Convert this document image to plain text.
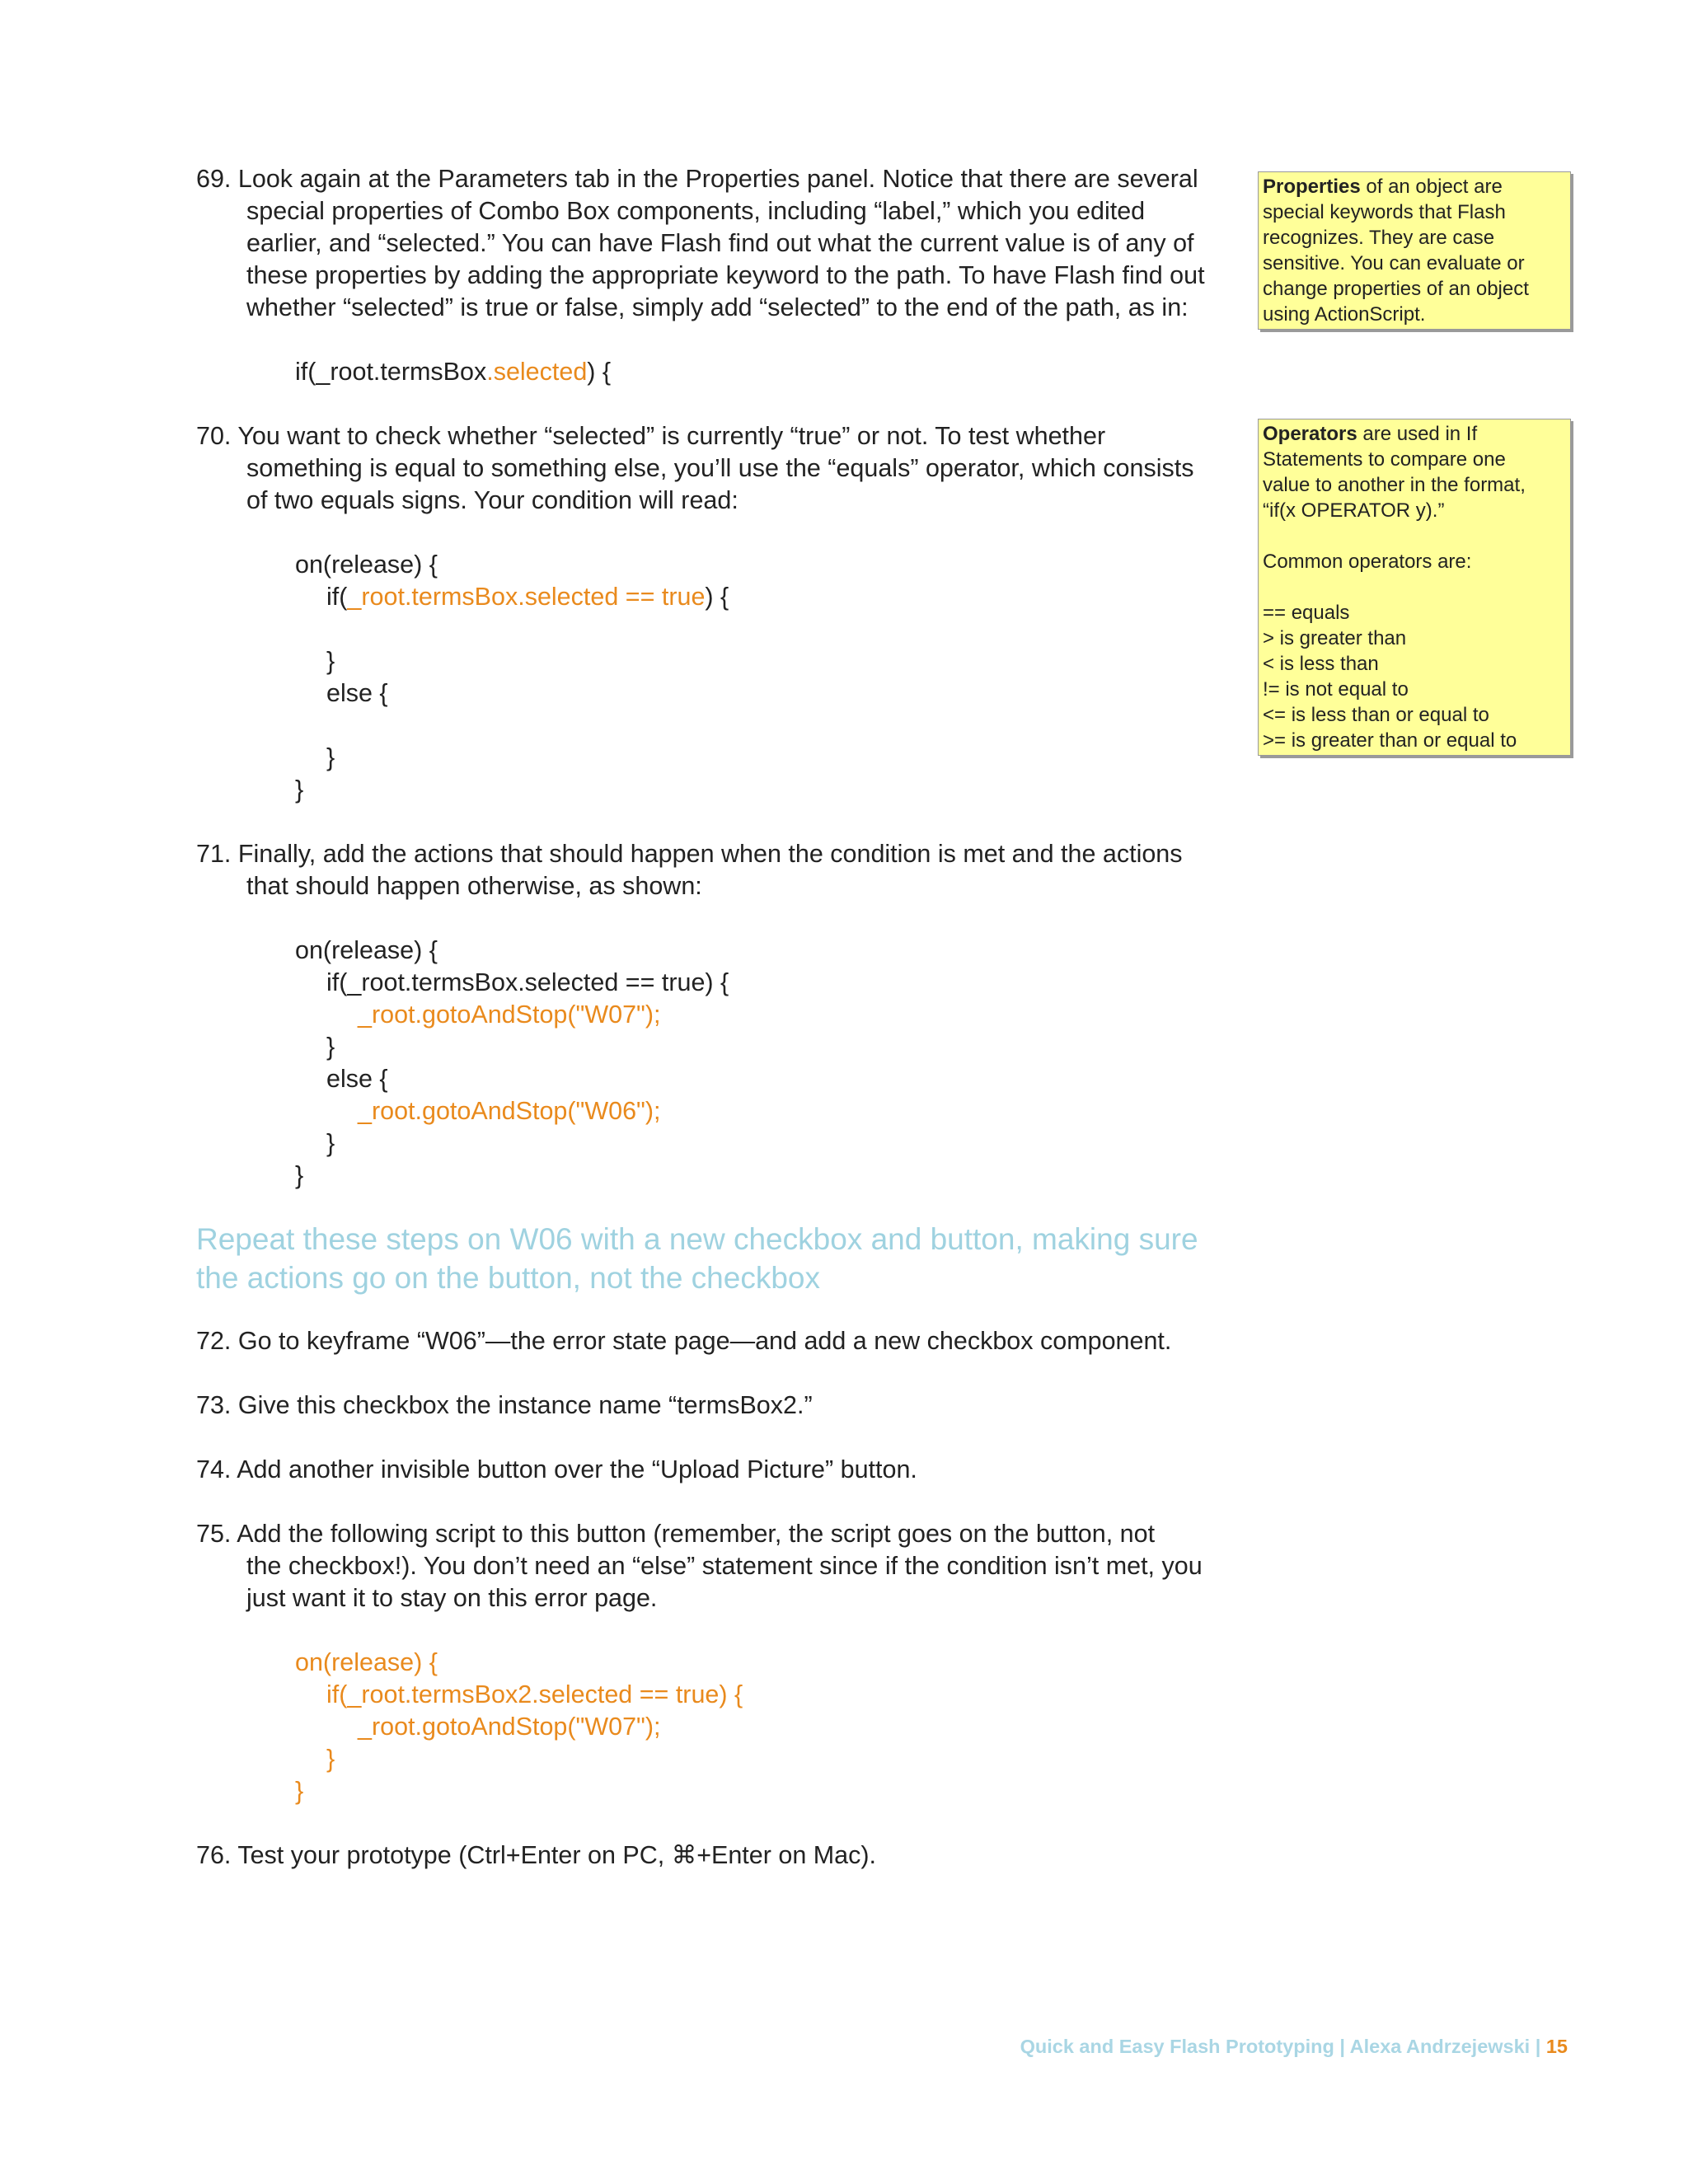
69. Look again at the Parameters tab in the Properties panel. Notice that there are several
special properties of Combo Box components, including “label,” which you edited
earlier, and “selected.” You can have Flash find out what the current value is of any of
these properties by adding the appropriate keyword to the path. To have Flash find out
whether “selected” is true or false, simply add “selected” to the end of the path, as in:
if(_root.termsBox.selected) {
70. You want to check whether “selected” is currently “true” or not. To test whether
something is equal to something else, you’ll use the “equals” operator, which consists
of two equals signs. Your condition will read:
on(release) {
if(_root.termsBox.selected == true) {

}
else {

}
}
71. Finally, add the actions that should happen when the condition is met and the actions
that should happen otherwise, as shown:
on(release) {
if(_root.termsBox.selected == true) {
_root.gotoAndStop("W07");
}
else {
_root.gotoAndStop("W06");
}
}
Repeat these steps on W06 with a new checkbox and button, making sure
the actions go on the button, not the checkbox
72. Go to keyframe “W06”—the error state page—and add a new checkbox component.
73. Give this checkbox the instance name “termsBox2.”
74. Add another invisible button over the “Upload Picture” button.
75. Add the following script to this button (remember, the script goes on the button, not
the checkbox!). You don’t need an “else” statement since if the condition isn’t met, you
just want it to stay on this error page.
on(release) {
if(_root.termsBox2.selected == true) {
_root.gotoAndStop("W07");
}
}
76. Test your prototype (Ctrl+Enter on PC, ⌘+Enter on Mac).
Properties of an object are
special keywords that Flash
recognizes. They are case
sensitive. You can evaluate or
change properties of an object
using ActionScript.
Operators are used in If
Statements to compare one
value to another in the format,
“if(x OPERATOR y).”

Common operators are:

== equals
> is greater than
< is less than
!= is not equal to
<= is less than or equal to
>= is greater than or equal to
Quick and Easy Flash Prototyping | Alexa Andrzejewski | 15
